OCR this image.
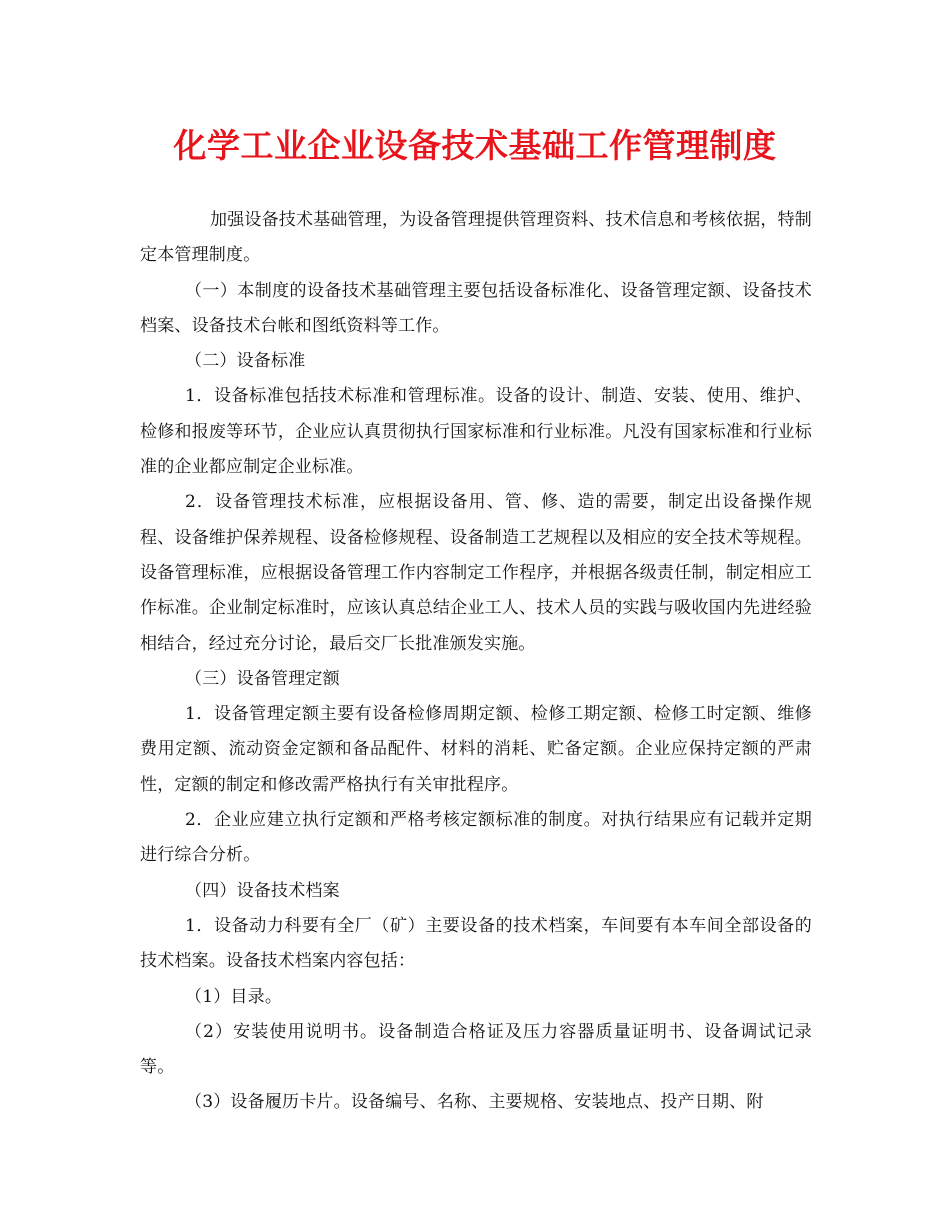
化学工业企业设备技术基础工作管理制度

加强设备技术基础管理，为设备管理提供管理资料、技术信息和考核依据，特制定本管理制度。

（一）本制度的设备技术基础管理主要包括设备标准化、设备管理定额、设备技术档案、设备技术台帐和图纸资料等工作。

（二）设备标准

1．设备标准包括技术标准和管理标准。设备的设计、制造、安装、使用、维护、检修和报废等环节，企业应认真贯彻执行国家标准和行业标准。凡没有国家标准和行业标准的企业都应制定企业标准。

2．设备管理技术标准，应根据设备用、管、修、造的需要，制定出设备操作规程、设备维护保养规程、设备检修规程、设备制造工艺规程以及相应的安全技术等规程。设备管理标准，应根据设备管理工作内容制定工作程序，并根据各级责任制，制定相应工作标准。企业制定标准时，应该认真总结企业工人、技术人员的实践与吸收国内先进经验相结合，经过充分讨论，最后交厂长批准颁发实施。

（三）设备管理定额

1．设备管理定额主要有设备检修周期定额、检修工期定额、检修工时定额、维修费用定额、流动资金定额和备品配件、材料的消耗、贮备定额。企业应保持定额的严肃性，定额的制定和修改需严格执行有关审批程序。

2．企业应建立执行定额和严格考核定额标准的制度。对执行结果应有记载并定期进行综合分析。

（四）设备技术档案

1．设备动力科要有全厂（矿）主要设备的技术档案，车间要有本车间全部设备的技术档案。设备技术档案内容包括：

（1）目录。

（2）安装使用说明书。设备制造合格证及压力容器质量证明书、设备调试记录等。

（3）设备履历卡片。设备编号、名称、主要规格、安装地点、投产日期、附
